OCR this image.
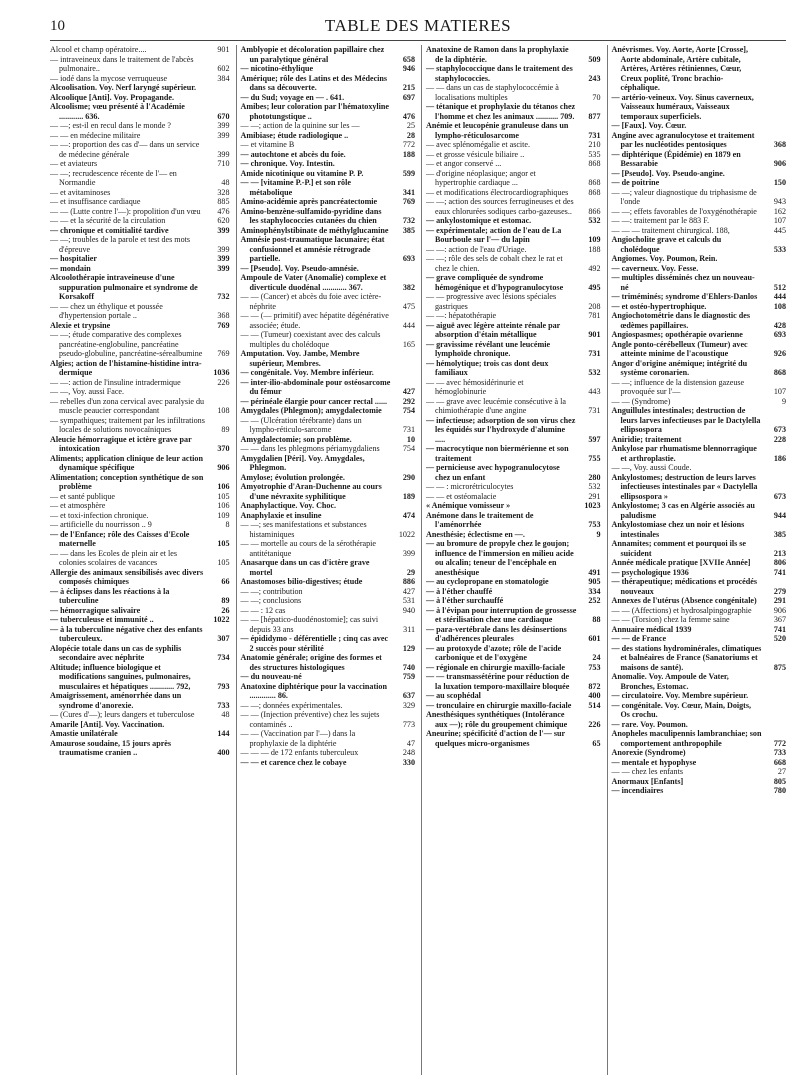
10	TABLE DES MATIERES
Alcool et champ opératoire....	901
— intraveineux dans le traitement de l'abcès pulmonaire..	602
— iodé dans la mycose verruqueuse	384
Alcoolisation. Voy. Nerf laryngé supérieur.
Alcoolique [Anti]. Voy. Propagande.
Alcoolisme; vœu présenté à l'Académie ............ 636.	670
— —; est-il en recul dans le monde ?	399
— — en médecine militaire	399
— —: proportion des cas d'— dans un service de médecine générale	399
— et aviateurs	710
— —; recrudescence récente de l'— en Normandie	48
— et avitaminoses	328
— et insuffisance cardiaque	885
— — (Lutte contre l'—): propolition d'un vœu	476
— — et la sécurité de la circulation	620
— chronique et comitialité tardive	399
— —; troubles de la parole et test des mots d'épreuve	399
— hospitalier	399
— mondain	399
Alcoolothérapie intraveineuse d'une suppuration pulmonaire et syndrome de Korsakoff	732
— — chez un éthylique et poussée d'hypertension portale ..	368
Alexie et trypsine	769
— —; étude comparative des complexes pancréatine-englobuline, pancréatine pseudo-globuline, pancréatine-sérealbumine	769
Algies; action de l'histamine-histidine intra-dermique	1036
— —: action de l'insuline intradermique	226
— —, Voy. aussi Face.
— rebelles d'un zona cervical avec paralysie du muscle peaucier correspondant	108
— sympathiques; traitement par les infiltrations locales de solutions novocaïniques	89
Aleucie hémorragique et ictère grave par intoxication	370
Aliments; application clinique de leur action dynamique spécifique	906
Alimentation; conception synthétique de son problème	106
— et santé publique	105
— et atmosphère	106
— et toxi-infection chronique.	109
— artificielle du nourrisson .. 9	8
— de l'Enfance; rôle des Caisses d'Ecole maternelle	105
— — dans les Ecoles de plein air et les colonies scolaires de vacances	105
Allergie des animaux sensibilisés avec divers composés chimiques	66
— à éclipses dans les réactions à la tuberculine	89
— hémorragique salivaire	26
— tuberculeuse et immunité ..	1022
— à la tuberculine négative chez des enfants tuberculeux.	307
Alopécie totale dans un cas de syphilis secondaire avec néphrite	734
Altitude; influence biologique et modifications sanguines, pulmonaires, musculaires et hépatiques ............ 792,	793
Amaigrissement, aménorrhée dans un syndrome d'anorexie.	733
— (Cures d'—); leurs dangers et tuberculose	48
Amarile [Anti]. Voy. Vaccination.
Amastie unilatérale	144
Amaurose soudaine, 15 jours après traumatisme cranien ..	400
Amblyopie et décoloration papillaire chez un paralytique général	658
— nicotino-éthylique	946
Amérique; rôle des Latins et des Médecins dans sa découverte.	215
— du Sud; voyage en — . 641.	697
Amibes; leur coloration par l'hématoxyline phototungstique ..	476
— —; action de la quinine sur les —	25
Amibiase; étude radiologique ..	28
— et vitamine B	772
— autochtone et abcès du foie.	188
— chronique. Voy. Intestin.
Amide nicotinique ou vitamine P. P.	599
— — [vitamine P.-P.] et son rôle métabolique	341
Amino-acidémie après pancréatectomie	769
Amino-benzène-sulfamido-pyridine dans les staphylococcies cutanées du chien	732
Aminophénylstibinate de méthylglucamine	385
Amnésie post-traumatique lacunaire; état confusionnel et amnésie rétrograde partielle.	693
— [Pseudo]. Voy. Pseudo-amnésie.
Ampoule de Vater (Anomalie) complexe et diverticule duodénal ............ 367.	382
— — (Cancer) et abcès du foie avec ictère-néphrite	475
— — (— primitif) avec hépatite dégénérative associée; étude.	444
— — (Tumeur) coexistant avec des calculs multiples du cholédoque	165
Amputation. Voy. Jambe, Membre supérieur, Membres.
— congénitale. Voy. Membre inférieur.
— inter-ilio-abdominale pour ostéosarcome du fémur	427
— périnéale élargie pour cancer rectal ......	292
Amygdales (Phlegmon); amygdalectomie	754
— — (Ulcération térébrante) dans un lympho-réticulo-sarcome	731
Amygdalectomie; son problème.	10
— — dans les phlegmons périamygdaliens	754
Amygdalien [Péri]. Voy. Amygdales, Phlegmon.
Amylose; évolution prolongée.	290
Amyotrophie d'Aran-Duchenne au cours d'une névraxite syphilitique	189
Anaphylactique. Voy. Choc.
Anaphylaxie et insuline	474
— —; ses manifestations et substances histaminiques	1022
— — mortelle au cours de la sérothérapie antitétanique	399
Anasarque dans un cas d'ictère grave mortel	29
Anastomoses bilio-digestives; étude	886
— —; contribution	427
— —; conclusions	531
— — : 12 cas	940
— — [hépatico-duodénostomie]; cas suivi depuis 33 ans	311
— épididymo - déférentielle ; cinq cas avec 2 succès pour stérilité	129
Anatomie générale; origine des formes et des structures histologiques	740
— du nouveau-né	759
Anatoxine diphtérique pour la vaccination ............. 86.	637
— —; données expérimentales.	329
— — (Injection préventive) chez les sujets contaminés ..	773
— — (Vaccination par l'—) dans la prophylaxie de la diphtérie	47
— — — de 172 enfants tuberculeux	248
— — et carence chez le cobaye	330
Anatoxine de Ramon dans la prophylaxie de la diphtérie.	509
— staphylococcique dans le traitement des staphylococcies.	243
— — dans un cas de staphylococcémie à localisations multiples	70
— tétanique et prophylaxie du tétanos chez l'homme et chez les animaux ........... 709.	877
Anémie et leucopénie granuleuse dans un lympho-réticulosarcome	731
— avec splénomégalie et ascite.	210
— et grosse vésicule biliaire ..	535
— et angor conservé ...	868
— d'origine néoplasique; angor et hypertrophie cardiaque ...	868
— et modifications électrocardiographiques	868
— —; action des sources ferrugineuses et des eaux chlorurées sodiques carbo-gazeuses..	866
— ankylostomique et estomac.	532
— expérimentale; action de l'eau de La Bourboule sur l'— du lapin	109
— —: action de l'eau d'Uriage.	188
— —; rôle des sels de cobalt chez le rat et chez le chien.	492
— grave compliquée de syndrome hémogénique et d'hypogranulocytose	495
— — progressive avec lésions spéciales gastriques	208
— —: hépatothérapie	781
— aiguë avec légère atteinte rénale par absorption d'étain métallique	901
— gravissime révélant une leucémie lymphoïde chronique.	731
— hémolytique; trois cas dont deux familiaux	532
— — avec hémosidérinurie et hémoglobinurie	443
— — grave avec leucémie consécutive à la chimiothérapie d'une angine	731
— infectieuse; adsorption de son virus chez les équidés sur l'hydroxyde d'alumine .....	597
— macrocytique non biermérienne et son traitement	755
— pernicieuse avec hypogranulocytose chez un enfant	280
— — : microrétriculocytes	532
— — et ostéomalacie	291
« Anémique vomisseur »	1023
Anémone dans le traitement de l'aménorrhée	753
Anesthésie; éclectisme en —.	9
— au bromure de propyle chez le goujon; influence de l'immersion en milieu acide ou alcalin; teneur de l'encéphale en anesthésique	491
— au cyclopropane en stomatologie	905
— à l'éther chauffé	334
— à l'éther surchauffé	252
— à l'évipan pour interruption de grossesse et stérilisation chez une cardiaque	88
— para-vertébrale dans les désinsertions d'adhérences pleurales	601
— au protoxyde d'azote; rôle de l'acide carbonique et de l'oxygène	24
— régionale en chirurgie maxillo-faciale	753
— — transmassétérine pour réduction de la luxation temporo-maxillaire bloquée	872
— au scophédal	400
— tronculaire en chirurgie maxillo-faciale	514
Anesthésiques synthétiques (Intolérance aux —); rôle du groupement chimique	226
Aneurine; spécificité d'action de l'— sur quelques micro-organismes	65
Anévrismes. Voy. Aorte, Aorte [Crosse], Aorte abdominale, Artère cubitale, Artères, Artères rétiniennes, Cœur, Creux poplité, Tronc brachio-céphalique.
— artério-veineux. Voy. Sinus caverneux, Vaisseaux huméraux, Vaisseaux temporaux superficiels.
— [Faux]. Voy. Cœur.
Angine avec agranulocytose et traitement par les nucléotides pentosiques	368
— diphtérique (Épidémie) en 1879 en Bessarabie	906
— [Pseudo]. Voy. Pseudo-angine.
— de poitrine	150
— —; valeur diagnostique du triphasisme de l'onde	943
— —; effets favorables de l'oxygénothérapie	162
— —: traitement par le 883 F.	107
— — — traitement chirurgical. 188,	445
Angiocholite grave et calculs du cholédoque	533
Angiomes. Voy. Poumon, Rein.
— caverneux. Voy. Fesse.
— multiples disséminés chez un nouveau-né	512
— triméminés; syndrome d'Ehlers-Danlos	444
— et ostéo-hypertrophique.	108
Angiochotométrie dans le diagnostic des œdèmes papillaires.	428
Angiospasmes; opothérapie ovarienne	693
Angle ponto-cérébelleux (Tumeur) avec atteinte minime de l'acoustique	926
Angor d'origine anémique; intégrité du système coronarien.	868
— —; influence de la distension gazeuse provoquée sur l'—	107
— — (Syndrome)	9
Anguillules intestinales; destruction de leurs larves infectieuses par le Dactylella ellipsospora	673
Aniridie; traitement	228
Ankylose par rhumatisme blennorragique et arthroplastie.	186
— —, Voy. aussi Coude.
Ankylostomes; destruction de leurs larves infectieuses intestinales par « Dactylella ellipsospora »	673
Ankylostome; 3 cas en Algérie associés au paludisme	944
Ankylostomiase chez un noir et lésions intestinales	385
Annamites; comment et pourquoi ils se suicident	213
Année médicale pratique [XVIIe Année]	806
— psychologique 1936	741
— thérapeutique; médications et procédés nouveaux	279
Annexes de l'utérus (Absence congénitale)	291
— — (Affections) et hydrosalpingographie	906
— — (Torsion) chez la femme saine	367
Annuaire médical 1939	741
— — de France	520
— des stations hydrominérales, climatiques et balnéaires de France (Sanatoriums et maisons de santé).	875
Anomalie. Voy. Ampoule de Vater, Bronches, Estomac.
— circulatoire. Voy. Membre supérieur.
— congénitale. Voy. Cœur, Main, Doigts, Os crochu.
— rare. Voy. Poumon.
Anopheles maculipennis lambranchiae; son comportement anthropophile	772
Anorexie (Syndrome)	733
— mentale et hypophyse	668
— — chez les enfants	27
Anormaux [Enfants]	805
— incendiaires	780
